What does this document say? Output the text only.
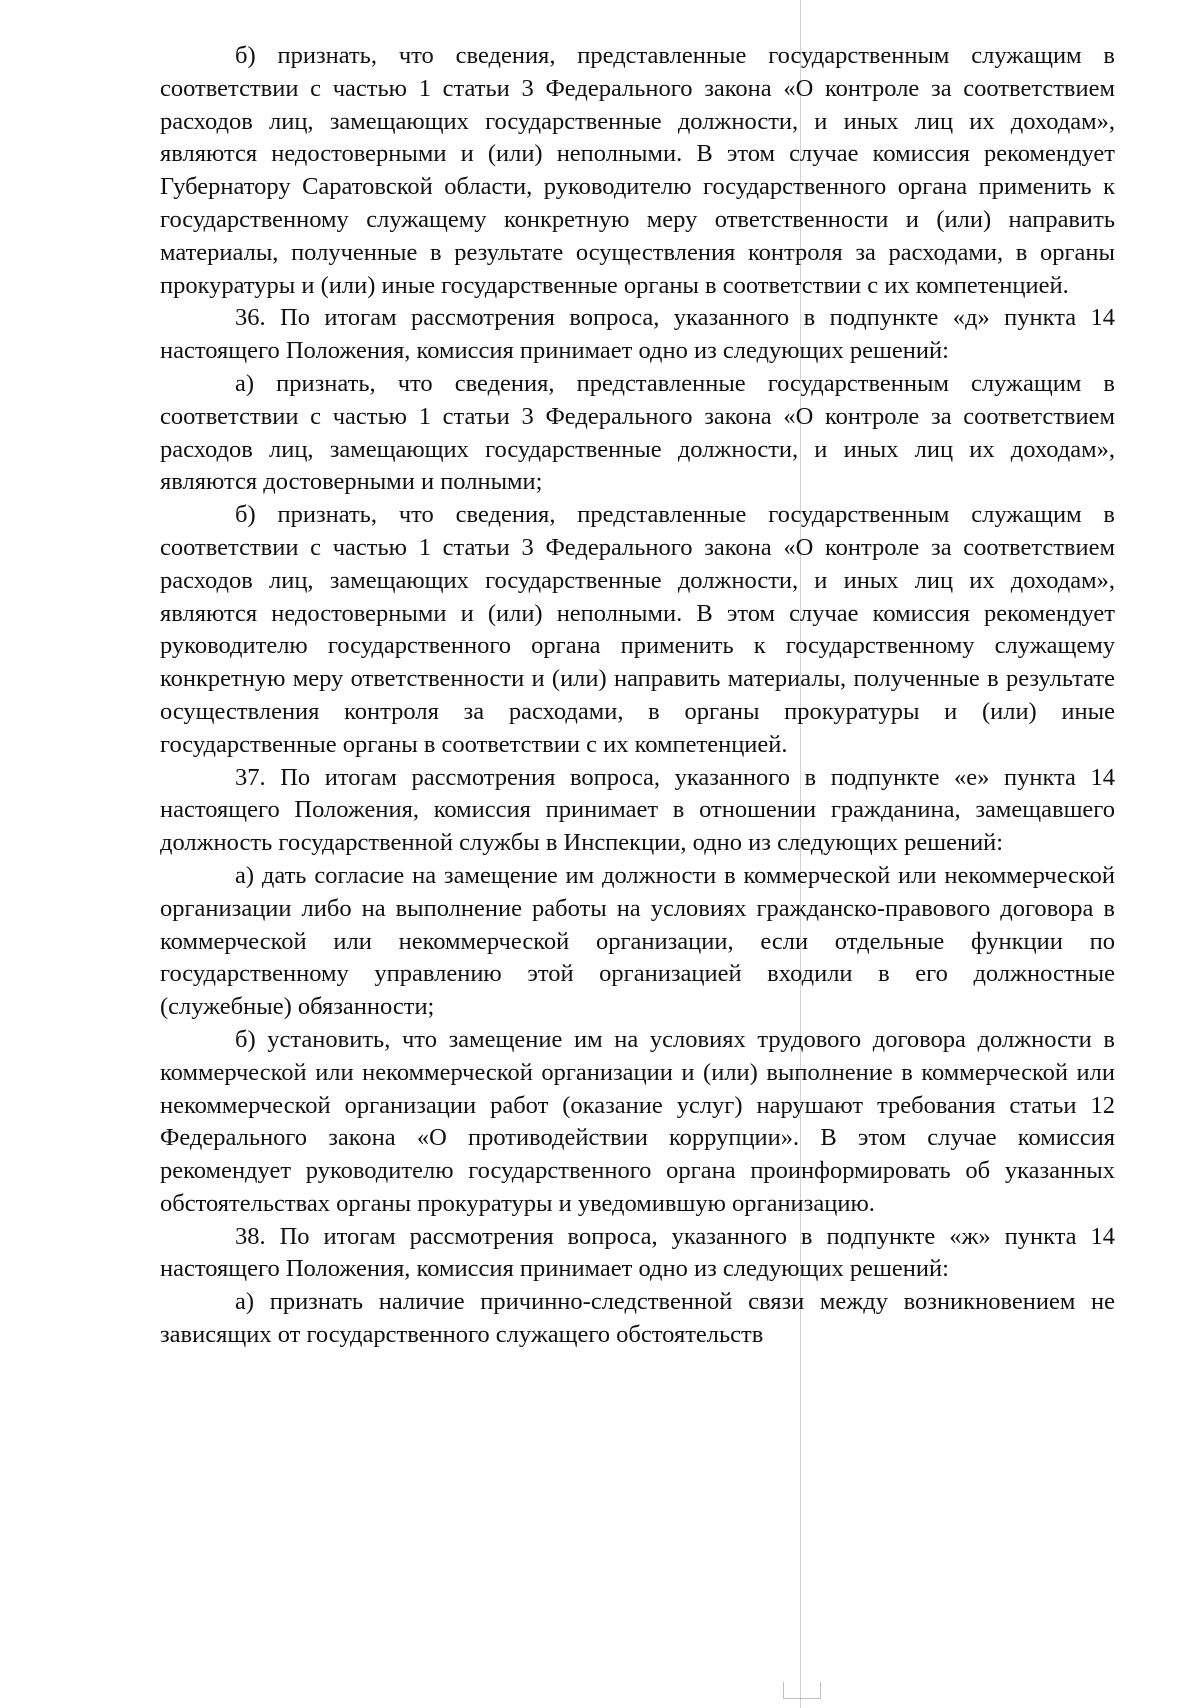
б) признать, что сведения, представленные государственным служащим в соответствии с частью 1 статьи 3 Федерального закона «О контроле за соответствием расходов лиц, замещающих государственные должности, и иных лиц их доходам», являются недостоверными и (или) неполными. В этом случае комиссия рекомендует Губернатору Саратовской области, руководителю государственного органа применить к государственному служащему конкретную меру ответственности и (или) направить материалы, полученные в результате осуществления контроля за расходами, в органы прокуратуры и (или) иные государственные органы в соответствии с их компетенцией.

36. По итогам рассмотрения вопроса, указанного в подпункте «д» пункта 14 настоящего Положения, комиссия принимает одно из следующих решений:

а) признать, что сведения, представленные государственным служащим в соответствии с частью 1 статьи 3 Федерального закона «О контроле за соответствием расходов лиц, замещающих государственные должности, и иных лиц их доходам», являются достоверными и полными;

б) признать, что сведения, представленные государственным служащим в соответствии с частью 1 статьи 3 Федерального закона «О контроле за соответствием расходов лиц, замещающих государственные должности, и иных лиц их доходам», являются недостоверными и (или) неполными. В этом случае комиссия рекомендует руководителю государственного органа применить к государственному служащему конкретную меру ответственности и (или) направить материалы, полученные в результате осуществления контроля за расходами, в органы прокуратуры и (или) иные государственные органы в соответствии с их компетенцией.

37. По итогам рассмотрения вопроса, указанного в подпункте «е» пункта 14 настоящего Положения, комиссия принимает в отношении гражданина, замещавшего должность государственной службы в Инспекции, одно из следующих решений:

а) дать согласие на замещение им должности в коммерческой или некоммерческой организации либо на выполнение работы на условиях гражданско-правового договора в коммерческой или некоммерческой организации, если отдельные функции по государственному управлению этой организацией входили в его должностные (служебные) обязанности;

б) установить, что замещение им на условиях трудового договора должности в коммерческой или некоммерческой организации и (или) выполнение в коммерческой или некоммерческой организации работ (оказание услуг) нарушают требования статьи 12 Федерального закона «О противодействии коррупции». В этом случае комиссия рекомендует руководителю государственного органа проинформировать об указанных обстоятельствах органы прокуратуры и уведомившую организацию.

38. По итогам рассмотрения вопроса, указанного в подпункте «ж» пункта 14 настоящего Положения, комиссия принимает одно из следующих решений:

а) признать наличие причинно-следственной связи между возникновением не зависящих от государственного служащего обстоятельств
